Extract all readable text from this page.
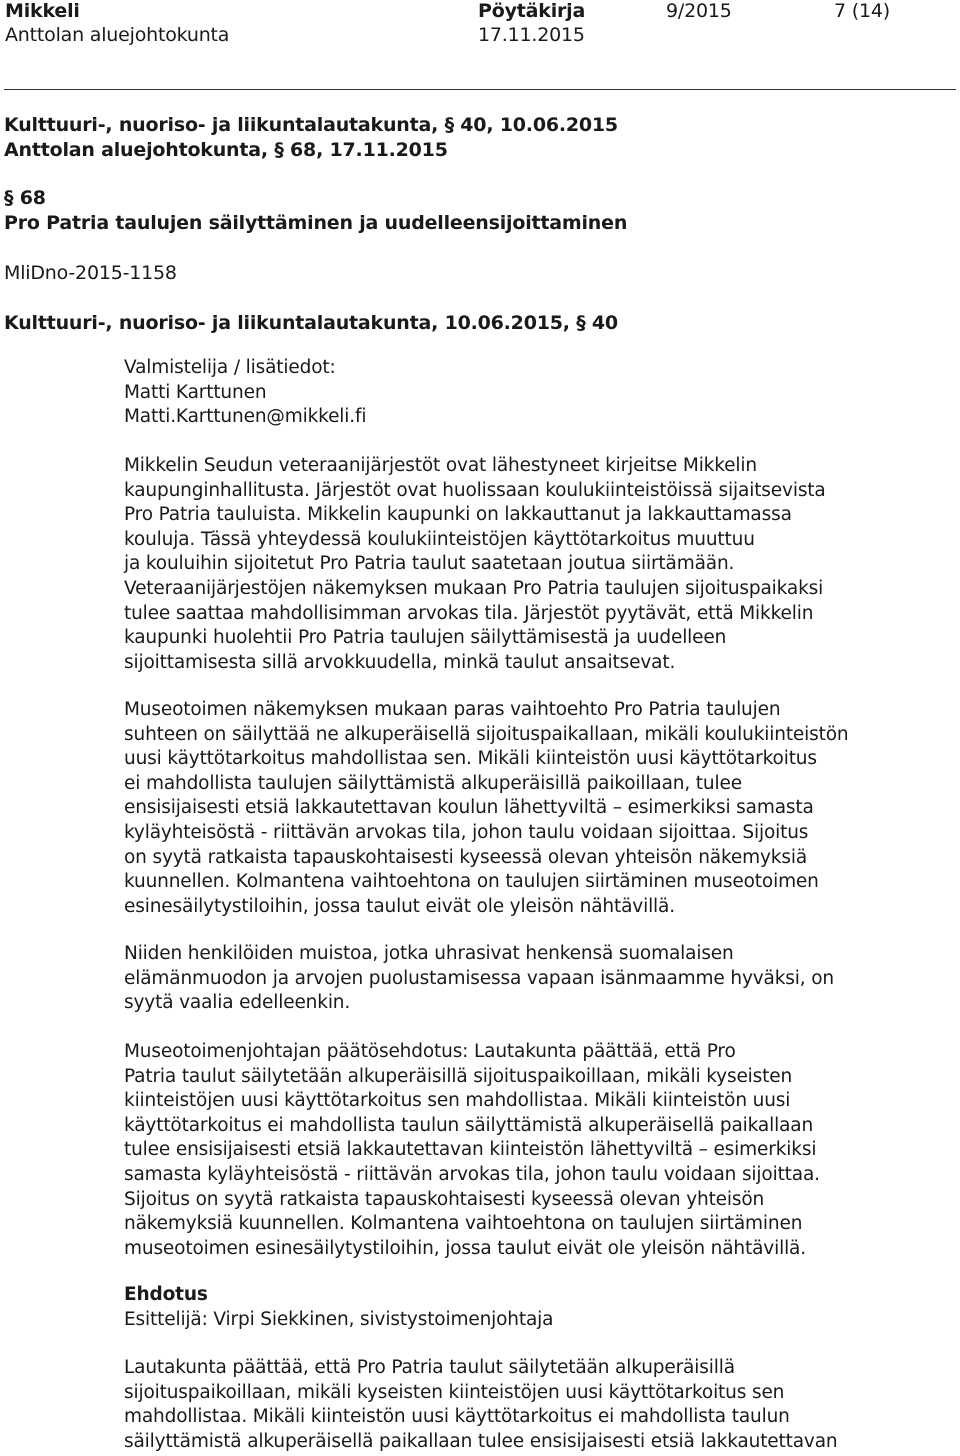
Mikkeli
Anttolan aluejohtokunta
Pöytäkirja
17.11.2015
9/2015	7 (14)
Kulttuuri-, nuoriso- ja liikuntalautakunta, § 40, 10.06.2015
Anttolan aluejohtokunta, § 68, 17.11.2015
§ 68
Pro Patria taulujen säilyttäminen ja uudelleensijoittaminen
MliDno-2015-1158
Kulttuuri-, nuoriso- ja liikuntalautakunta, 10.06.2015, § 40
Valmistelija / lisätiedot:
Matti Karttunen
Matti.Karttunen@mikkeli.fi
Mikkelin Seudun veteraanijärjestöt ovat lähestyneet kirjeitse Mikkelin
kaupunginhallitusta. Järjestöt ovat huolissaan koulukiinteistöissä sijaitsevista
Pro Patria tauluista. Mikkelin kaupunki on lakkauttanut ja lakkauttamassa
kouluja. Tässä yhteydessä koulukiinteistöjen käyttötarkoitus muuttuu
ja kouluihin sijoitetut Pro Patria taulut saatetaan joutua siirtämään.
Veteraanijärjestöjen näkemyksen mukaan Pro Patria taulujen sijoituspaikaksi
tulee saattaa mahdollisimman arvokas tila. Järjestöt pyytävät, että Mikkelin
kaupunki huolehtii Pro Patria taulujen säilyttämisestä ja uudelleen
sijoittamisesta sillä arvokkuudella, minkä taulut ansaitsevat.
Museotoimen näkemyksen mukaan paras vaihtoehto Pro Patria taulujen
suhteen on säilyttää ne alkuperäisellä sijoituspaikallaan, mikäli koulukiinteistön
uusi käyttötarkoitus mahdollistaa sen. Mikäli kiinteistön uusi käyttötarkoitus
ei mahdollista taulujen säilyttämistä alkuperäisillä paikoillaan, tulee
ensisijaisesti etsiä lakkautettavan koulun lähettyviltä – esimerkiksi samasta
kyläyhteisöstä - riittävän arvokas tila, johon taulu voidaan sijoittaa. Sijoitus
on syytä ratkaista tapauskohtaisesti kyseessä olevan yhteisön näkemyksiä
kuunnellen. Kolmantena vaihtoehtona on taulujen siirtäminen museotoimen
esinesäilytystiloihin, jossa taulut eivät ole yleisön nähtävillä.
Niiden henkilöiden muistoa, jotka uhrasivat henkensä suomalaisen
elämänmuodon ja arvojen puolustamisessa vapaan isänmaamme hyväksi, on
syytä vaalia edelleenkin.
Museotoimenjohtajan päätösehdotus: Lautakunta päättää, että Pro
Patria taulut säilytetään alkuperäisillä sijoituspaikoillaan, mikäli kyseisten
kiinteistöjen uusi käyttötarkoitus sen mahdollistaa. Mikäli kiinteistön uusi
käyttötarkoitus ei mahdollista taulun säilyttämistä alkuperäisellä paikallaan
tulee ensisijaisesti etsiä lakkautettavan kiinteistön lähettyviltä – esimerkiksi
samasta kyläyhteisöstä - riittävän arvokas tila, johon taulu voidaan sijoittaa.
Sijoitus on syytä ratkaista tapauskohtaisesti kyseessä olevan yhteisön
näkemyksiä kuunnellen. Kolmantena vaihtoehtona on taulujen siirtäminen
museotoimen esinesäilytystiloihin, jossa taulut eivät ole yleisön nähtävillä.
Ehdotus
Esittelijä: Virpi Siekkinen, sivistystoimenjohtaja
Lautakunta päättää, että Pro Patria taulut säilytetään alkuperäisillä
sijoituspaikoillaan, mikäli kyseisten kiinteistöjen uusi käyttötarkoitus sen
mahdollistaa. Mikäli kiinteistön uusi käyttötarkoitus ei mahdollista taulun
säilyttämistä alkuperäisellä paikallaan tulee ensisijaisesti etsiä lakkautettavan
